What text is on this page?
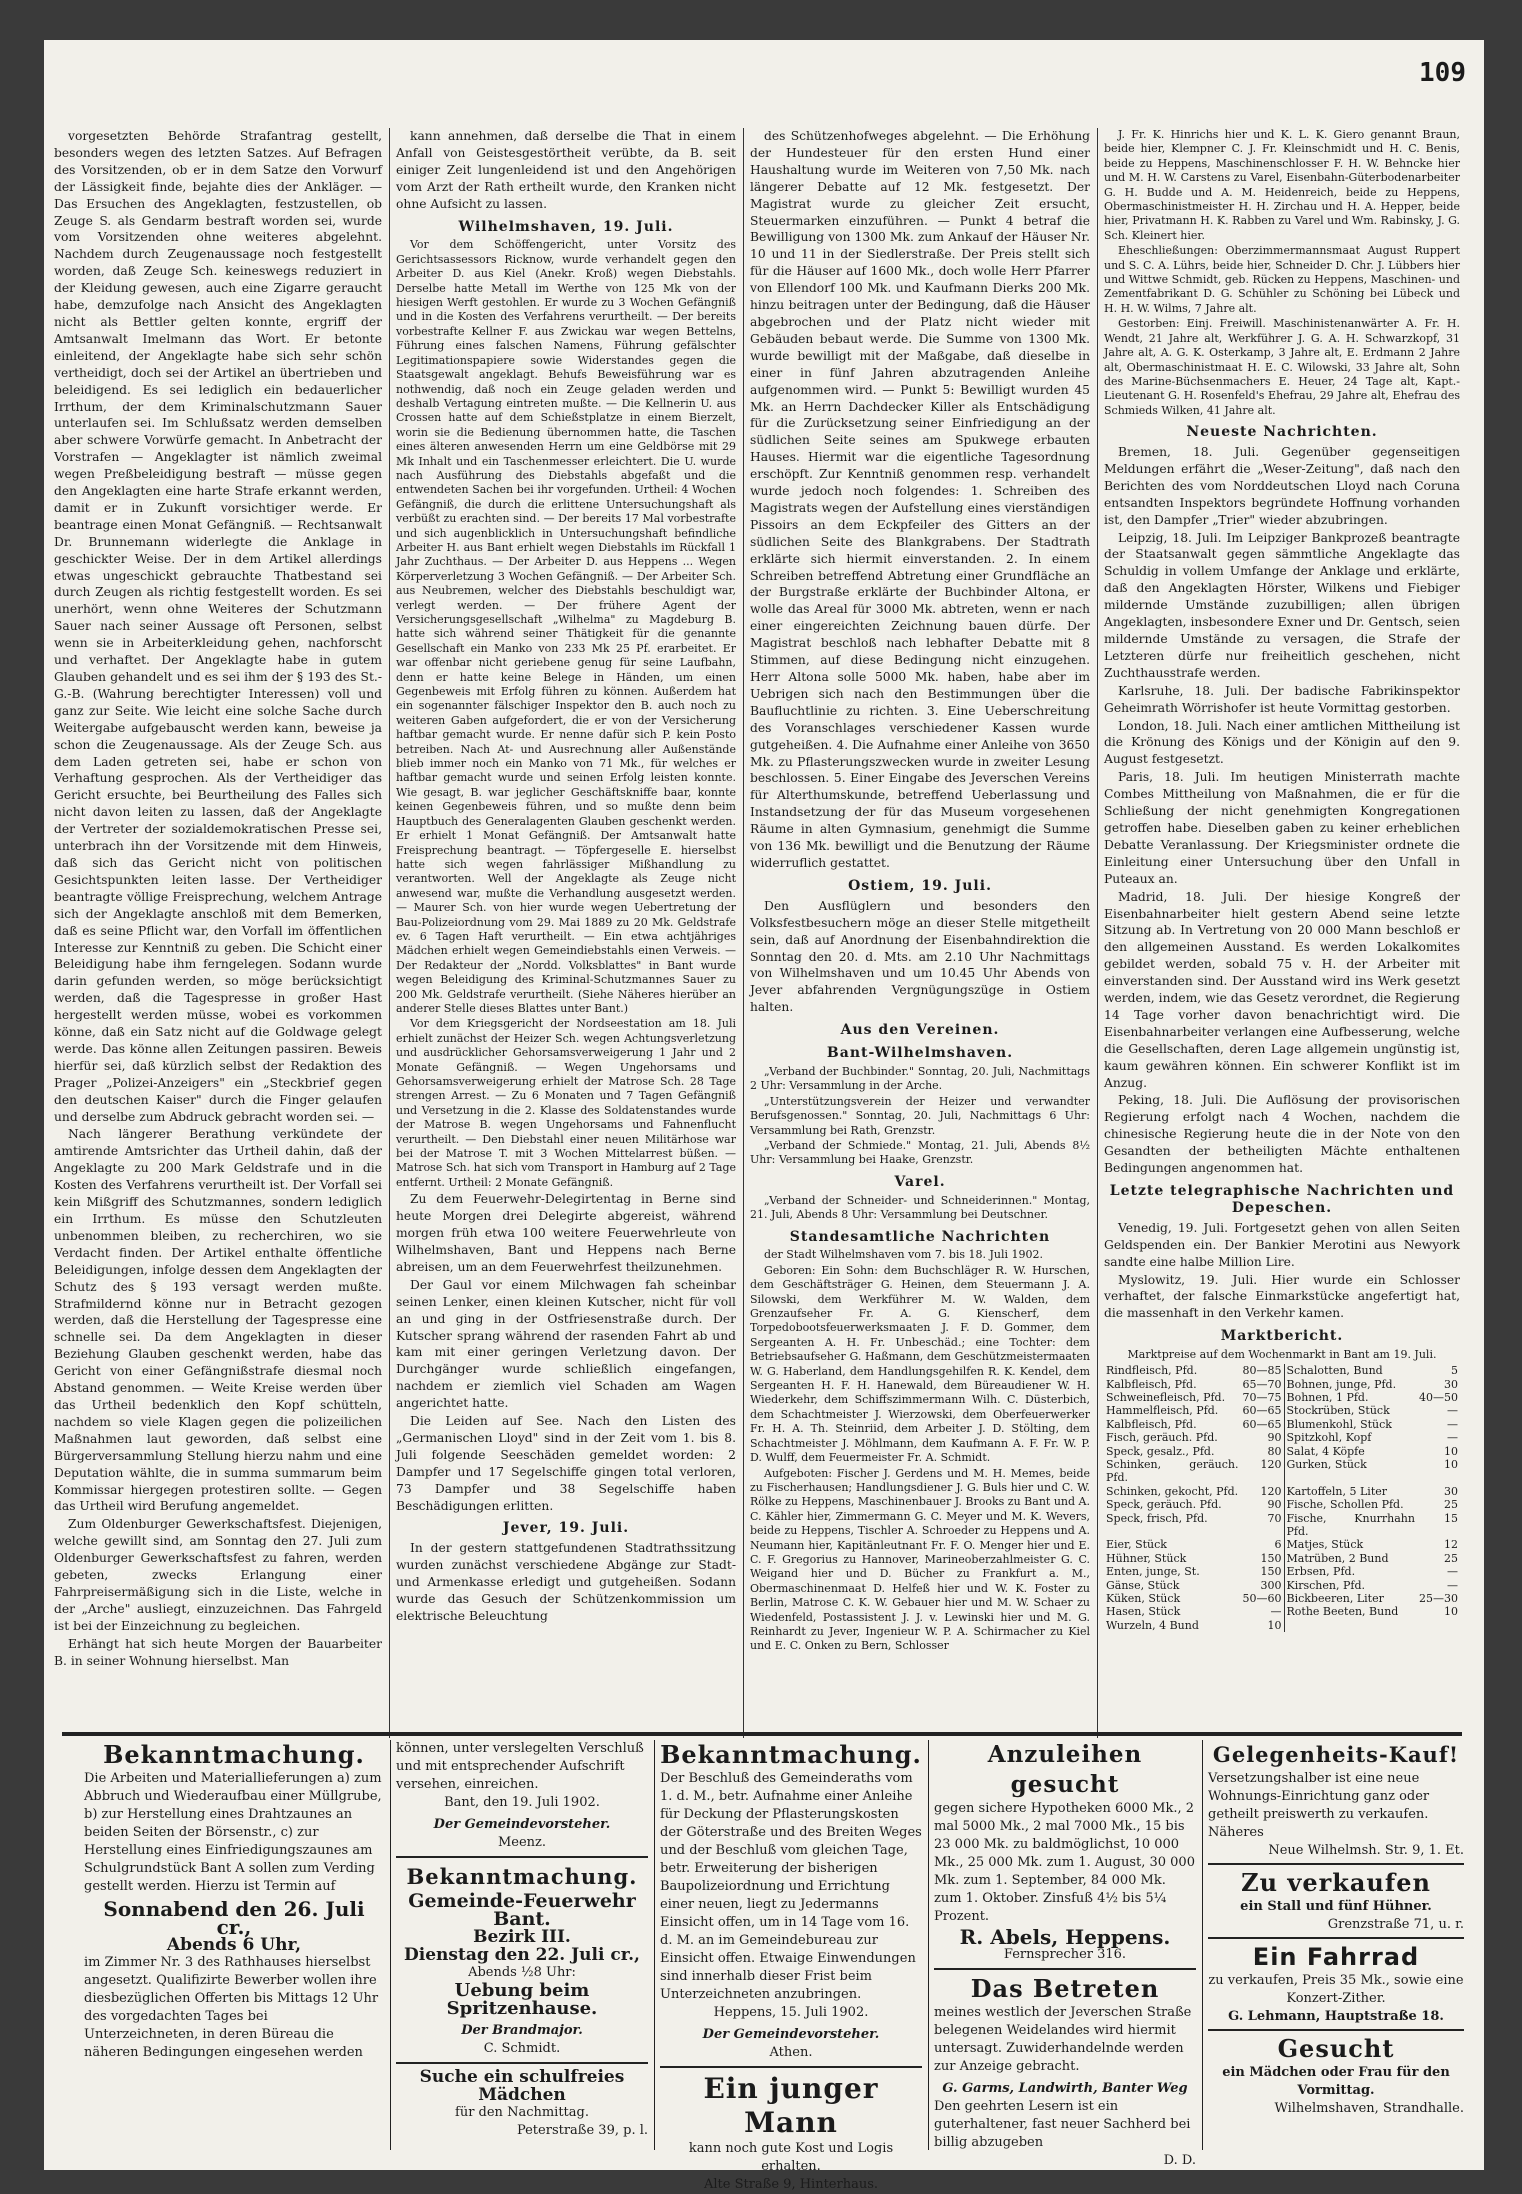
109

vorgesetzten Behörde Strafantrag gestellt, besonders wegen des letzten Satzes. Auf Befragen des Vorsitzenden, ob er in dem Satze den Vorwurf der Lässigkeit finde, bejahte dies der Ankläger. — Das Ersuchen des Angeklagten, festzustellen, ob Zeuge S. als Gendarm bestraft worden sei, wurde vom Vorsitzenden ohne weiteres abgelehnt. Nachdem durch Zeugenaussage noch festgestellt worden, daß Zeuge Sch. keineswegs reduziert in der Kleidung gewesen, auch eine Zigarre geraucht habe, demzufolge nach Ansicht des Angeklagten nicht als Bettler gelten konnte, ergriff der Amtsanwalt Imelmann das Wort. Er betonte einleitend, der Angeklagte habe sich sehr schön vertheidigt, doch sei der Artikel an übertrieben und beleidigend. Es sei lediglich ein bedauerlicher Irrthum, der dem Kriminalschutzmann Sauer unterlaufen sei. Im Schlußsatz werden demselben aber schwere Vorwürfe gemacht. In Anbetracht der Vorstrafen — Angeklagter ist nämlich zweimal wegen Preßbeleidigung bestraft — müsse gegen den Angeklagten eine harte Strafe erkannt werden, damit er in Zukunft vorsichtiger werde. Er beantrage einen Monat Gefängniß. — Rechtsanwalt Dr. Brunnemann widerlegte die Anklage in geschickter Weise. Der in dem Artikel allerdings etwas ungeschickt gebrauchte Thatbestand sei durch Zeugen als richtig festgestellt worden. Es sei unerhört, wenn ohne Weiteres der Schutzmann Sauer nach seiner Aussage oft Personen, selbst wenn sie in Arbeiterkleidung gehen, nachforscht und verhaftet. Der Angeklagte habe in gutem Glauben gehandelt und es sei ihm der § 193 des St.-G.-B. (Wahrung berechtigter Interessen) voll und ganz zur Seite. Wie leicht eine solche Sache durch Weitergabe aufgebauscht werden kann, beweise ja schon die Zeugenaussage. Als der Zeuge Sch. aus dem Laden getreten sei, habe er schon von Verhaftung gesprochen. Als der Vertheidiger das Gericht ersuchte, bei Beurtheilung des Falles sich nicht davon leiten zu lassen, daß der Angeklagte der Vertreter der sozialdemokratischen Presse sei, unterbrach ihn der Vorsitzende mit dem Hinweis, daß sich das Gericht nicht von politischen Gesichtspunkten leiten lasse. Der Vertheidiger beantragte völlige Freisprechung, welchem Antrage sich der Angeklagte anschloß mit dem Bemerken, daß es seine Pflicht war, den Vorfall im öffentlichen Interesse zur Kenntniß zu geben. Die Schicht einer Beleidigung habe ihm ferngelegen. Sodann wurde darin gefunden werden, so möge berücksichtigt werden, daß die Tagespresse in großer Hast hergestellt werden müsse, wobei es vorkommen könne, daß ein Satz nicht auf die Goldwage gelegt werde. Das könne allen Zeitungen passiren. Beweis hierfür sei, daß kürzlich selbst der Redaktion des Prager „Polizei-Anzeigers" ein „Steckbrief gegen den deutschen Kaiser" durch die Finger gelaufen und derselbe zum Abdruck gebracht worden sei. —

Nach längerer Berathung verkündete der amtirende Amtsrichter das Urtheil dahin, daß der Angeklagte zu 200 Mark Geldstrafe und in die Kosten des Verfahrens verurtheilt ist. Der Vorfall sei kein Mißgriff des Schutzmannes, sondern lediglich ein Irrthum. Es müsse den Schutzleuten unbenommen bleiben, zu recherchiren, wo sie Verdacht finden. Der Artikel enthalte öffentliche Beleidigungen, infolge dessen dem Angeklagten der Schutz des § 193 versagt werden mußte. Strafmildernd könne nur in Betracht gezogen werden, daß die Herstellung der Tagespresse eine schnelle sei. Da dem Angeklagten in dieser Beziehung Glauben geschenkt werden, habe das Gericht von einer Gefängnißstrafe diesmal noch Abstand genommen. — Weite Kreise werden über das Urtheil bedenklich den Kopf schütteln, nachdem so viele Klagen gegen die polizeilichen Maßnahmen laut geworden, daß selbst eine Bürgerversammlung Stellung hierzu nahm und eine Deputation wählte, die in summa summarum beim Kommissar hiergegen protestiren sollte. — Gegen das Urtheil wird Berufung angemeldet.

Zum Oldenburger Gewerkschaftsfest. Diejenigen, welche gewillt sind, am Sonntag den 27. Juli zum Oldenburger Gewerkschaftsfest zu fahren, werden gebeten, zwecks Erlangung einer Fahrpreisermäßigung sich in die Liste, welche in der „Arche" ausliegt, einzuzeichnen. Das Fahrgeld ist bei der Einzeichnung zu begleichen.

Erhängt hat sich heute Morgen der Bauarbeiter B. in seiner Wohnung hierselbst. Man

kann annehmen, daß derselbe die That in einem Anfall von Geistesgestörtheit verübte, da B. seit einiger Zeit lungenleidend ist und den Angehörigen vom Arzt der Rath ertheilt wurde, den Kranken nicht ohne Aufsicht zu lassen.

Wilhelmshaven, 19. Juli.

Vor dem Schöffengericht, unter Vorsitz des Gerichtsassessors Ricknow, wurde verhandelt gegen den Arbeiter D. aus Kiel (Anekr. Kroß) wegen Diebstahls. Derselbe hatte Metall im Werthe von 125 Mk von der hiesigen Werft gestohlen. Er wurde zu 3 Wochen Gefängniß und in die Kosten des Verfahrens verurtheilt. — Der bereits vorbestrafte Kellner F. aus Zwickau war wegen Bettelns, Führung eines falschen Namens, Führung gefälschter Legitimationspapiere sowie Widerstandes gegen die Staatsgewalt angeklagt. Behufs Beweisführung war es nothwendig, daß noch ein Zeuge geladen werden und deshalb Vertagung eintreten mußte. — Die Kellnerin U. aus Crossen hatte auf dem Schießstplatze in einem Bierzelt, worin sie die Bedienung übernommen hatte, die Taschen eines älteren anwesenden Herrn um eine Geldbörse mit 29 Mk Inhalt und ein Taschenmesser erleichtert. Die U. wurde nach Ausführung des Diebstahls abgefaßt und die entwendeten Sachen bei ihr vorgefunden. Urtheil: 4 Wochen Gefängniß, die durch die erlittene Untersuchungshaft als verbüßt zu erachten sind. — Der bereits 17 Mal vorbestrafte und sich augenblicklich in Untersuchungshaft befindliche Arbeiter H. aus Bant erhielt wegen Diebstahls im Rückfall 1 Jahr Zuchthaus. — Der Arbeiter D. aus Heppens ... Wegen Körperverletzung 3 Wochen Gefängniß. — Der Arbeiter Sch. aus Neubremen, welcher des Diebstahls beschuldigt war, verlegt werden. — Der frühere Agent der Versicherungsgesellschaft „Wilhelma" zu Magdeburg B. hatte sich während seiner Thätigkeit für die genannte Gesellschaft ein Manko von 233 Mk 25 Pf. erarbeitet. Er war offenbar nicht geriebene genug für seine Laufbahn, denn er hatte keine Belege in Händen, um einen Gegenbeweis mit Erfolg führen zu können. Außerdem hat ein sogenannter fälschiger Inspektor den B. auch noch zu weiteren Gaben aufgefordert, die er von der Versicherung haftbar gemacht wurde. Er nenne dafür sich P. kein Posto betreiben. Nach At- und Ausrechnung aller Außenstände blieb immer noch ein Manko von 71 Mk., für welches er haftbar gemacht wurde und seinen Erfolg leisten konnte. Wie gesagt, B. war jeglicher Geschäftskniffe baar, konnte keinen Gegenbeweis führen, und so mußte denn beim Hauptbuch des Generalagenten Glauben geschenkt werden. Er erhielt 1 Monat Gefängniß. Der Amtsanwalt hatte Freisprechung beantragt. — Töpfergeselle E. hierselbst hatte sich wegen fahrlässiger Mißhandlung zu verantworten. Well der Angeklagte als Zeuge nicht anwesend war, mußte die Verhandlung ausgesetzt werden. — Maurer Sch. von hier wurde wegen Uebertretung der Bau-Polizeiordnung vom 29. Mai 1889 zu 20 Mk. Geldstrafe ev. 6 Tagen Haft verurtheilt. — Ein etwa achtjähriges Mädchen erhielt wegen Gemeindiebstahls einen Verweis. — Der Redakteur der „Nordd. Volksblattes" in Bant wurde wegen Beleidigung des Kriminal-Schutzmannes Sauer zu 200 Mk. Geldstrafe verurtheilt. (Siehe Näheres hierüber an anderer Stelle dieses Blattes unter Bant.)

Vor dem Kriegsgericht der Nordseestation am 18. Juli erhielt zunächst der Heizer Sch. wegen Achtungsverletzung und ausdrücklicher Gehorsamsverweigerung 1 Jahr und 2 Monate Gefängniß. — Wegen Ungehorsams und Gehorsamsverweigerung erhielt der Matrose Sch. 28 Tage strengen Arrest. — Zu 6 Monaten und 7 Tagen Gefängniß und Versetzung in die 2. Klasse des Soldatenstandes wurde der Matrose B. wegen Ungehorsams und Fahnenflucht verurtheilt. — Den Diebstahl einer neuen Militärhose war bei der Matrose T. mit 3 Wochen Mittelarrest büßen. — Matrose Sch. hat sich vom Transport in Hamburg auf 2 Tage entfernt. Urtheil: 2 Monate Gefängniß.

Zu dem Feuerwehr-Delegirtentag in Berne sind heute Morgen drei Delegirte abgereist, während morgen früh etwa 100 weitere Feuerwehrleute von Wilhelmshaven, Bant und Heppens nach Berne abreisen, um an dem Feuerwehrfest theilzunehmen.

Der Gaul vor einem Milchwagen fah scheinbar seinen Lenker, einen kleinen Kutscher, nicht für voll an und ging in der Ostfriesenstraße durch. Der Kutscher sprang während der rasenden Fahrt ab und kam mit einer geringen Verletzung davon. Der Durchgänger wurde schließlich eingefangen, nachdem er ziemlich viel Schaden am Wagen angerichtet hatte.

Die Leiden auf See. Nach den Listen des „Germanischen Lloyd" sind in der Zeit vom 1. bis 8. Juli folgende Seeschäden gemeldet worden: 2 Dampfer und 17 Segelschiffe gingen total verloren, 73 Dampfer und 38 Segelschiffe haben Beschädigungen erlitten.

Jever, 19. Juli.

In der gestern stattgefundenen Stadtrathssitzung wurden zunächst verschiedene Abgänge zur Stadt- und Armenkasse erledigt und gutgeheißen. Sodann wurde das Gesuch der Schützenkommission um elektrische Beleuchtung

des Schützenhofweges abgelehnt. — Die Erhöhung der Hundesteuer für den ersten Hund einer Haushaltung wurde im Weiteren von 7,50 Mk. nach längerer Debatte auf 12 Mk. festgesetzt. Der Magistrat wurde zu gleicher Zeit ersucht, Steuermarken einzuführen. — Punkt 4 betraf die Bewilligung von 1300 Mk. zum Ankauf der Häuser Nr. 10 und 11 in der Siedlerstraße. Der Preis stellt sich für die Häuser auf 1600 Mk., doch wolle Herr Pfarrer von Ellendorf 100 Mk. und Kaufmann Dierks 200 Mk. hinzu beitragen unter der Bedingung, daß die Häuser abgebrochen und der Platz nicht wieder mit Gebäuden bebaut werde. Die Summe von 1300 Mk. wurde bewilligt mit der Maßgabe, daß dieselbe in einer in fünf Jahren abzutragenden Anleihe aufgenommen wird. — Punkt 5: Bewilligt wurden 45 Mk. an Herrn Dachdecker Killer als Entschädigung für die Zurücksetzung seiner Einfriedigung an der südlichen Seite seines am Spukwege erbauten Hauses. Hiermit war die eigentliche Tagesordnung erschöpft. Zur Kenntniß genommen resp. verhandelt wurde jedoch noch folgendes: 1. Schreiben des Magistrats wegen der Aufstellung eines vierständigen Pissoirs an dem Eckpfeiler des Gitters an der südlichen Seite des Blankgrabens. Der Stadtrath erklärte sich hiermit einverstanden. 2. In einem Schreiben betreffend Abtretung einer Grundfläche an der Burgstraße erklärte der Buchbinder Altona, er wolle das Areal für 3000 Mk. abtreten, wenn er nach einer eingereichten Zeichnung bauen dürfe. Der Magistrat beschloß nach lebhafter Debatte mit 8 Stimmen, auf diese Bedingung nicht einzugehen. Herr Altona solle 5000 Mk. haben, habe aber im Uebrigen sich nach den Bestimmungen über die Baufluchtlinie zu richten. 3. Eine Ueberschreitung des Voranschlages verschiedener Kassen wurde gutgeheißen. 4. Die Aufnahme einer Anleihe von 3650 Mk. zu Pflasterungszwecken wurde in zweiter Lesung beschlossen. 5. Einer Eingabe des Jeverschen Vereins für Alterthumskunde, betreffend Ueberlassung und Instandsetzung der für das Museum vorgesehenen Räume in alten Gymnasium, genehmigt die Summe von 136 Mk. bewilligt und die Benutzung der Räume widerruflich gestattet.

Ostiem, 19. Juli.

Den Ausflüglern und besonders den Volksfestbesuchern möge an dieser Stelle mitgetheilt sein, daß auf Anordnung der Eisenbahndirektion die Sonntag den 20. d. Mts. am 2.10 Uhr Nachmittags von Wilhelmshaven und um 10.45 Uhr Abends von Jever abfahrenden Vergnügungszüge in Ostiem halten.

Aus den Vereinen.

Bant-Wilhelmshaven.

„Verband der Buchbinder." Sonntag, 20. Juli, Nachmittags 2 Uhr: Versammlung in der Arche.

„Unterstützungsverein der Heizer und verwandter Berufsgenossen." Sonntag, 20. Juli, Nachmittags 6 Uhr: Versammlung bei Rath, Grenzstr.

„Verband der Schmiede." Montag, 21. Juli, Abends 8½ Uhr: Versammlung bei Haake, Grenzstr.

Varel.

„Verband der Schneider- und Schneiderinnen." Montag, 21. Juli, Abends 8 Uhr: Versammlung bei Deutschner.

Standesamtliche Nachrichten

der Stadt Wilhelmshaven vom 7. bis 18. Juli 1902.

Geboren: Ein Sohn: dem Buchschläger R. W. Hurschen, dem Geschäftsträger G. Heinen, dem Steuermann J. A. Silowski, dem Werkführer M. W. Walden, dem Grenzaufseher Fr. A. G. Kienscherf, dem Torpedobootsfeuerwerksmaaten J. F. D. Gommer, dem Sergeanten A. H. Fr. Unbeschäd.; eine Tochter: dem Betriebsaufseher G. Haßmann, dem Geschützmeistermaaten W. G. Haberland, dem Handlungsgehilfen R. K. Kendel, dem Sergeanten H. F. H. Hanewald, dem Büreaudiener W. H. Wiederkehr, dem Schiffszimmermann Wilh. C. Düsterbich, dem Schachtmeister J. Wierzowski, dem Oberfeuerwerker Fr. H. A. Th. Steinriid, dem Arbeiter J. D. Stölting, dem Schachtmeister J. Möhlmann, dem Kaufmann A. F. Fr. W. P. D. Wulff, dem Feuermeister Fr. A. Schmidt.

Aufgeboten: Fischer J. Gerdens und M. H. Memes, beide zu Fischerhausen; Handlungsdiener J. G. Buls hier und C. W. Rölke zu Heppens, Maschinenbauer J. Brooks zu Bant und A. C. Kähler hier, Zimmermann G. C. Meyer und M. K. Wevers, beide zu Heppens, Tischler A. Schroeder zu Heppens und A. Neumann hier, Kapitänleutnant Fr. F. O. Menger hier und E. C. F. Gregorius zu Hannover, Marineoberzahlmeister G. C. Weigand hier und D. Bücher zu Frankfurt a. M., Obermaschinenmaat D. Helfeß hier und W. K. Foster zu Berlin, Matrose C. K. W. Gebauer hier und M. W. Schaer zu Wiedenfeld, Postassistent J. J. v. Lewinski hier und M. G. Reinhardt zu Jever, Ingenieur W. P. A. Schirmacher zu Kiel und E. C. Onken zu Bern, Schlosser

J. Fr. K. Hinrichs hier und K. L. K. Giero genannt Braun, beide hier, Klempner C. J. Fr. Kleinschmidt und H. C. Benis, beide zu Heppens, Maschinenschlosser F. H. W. Behncke hier und M. H. W. Carstens zu Varel, Eisenbahn-Güterbodenarbeiter G. H. Budde und A. M. Heidenreich, beide zu Heppens, Obermaschinistmeister H. H. Zirchau und H. A. Hepper, beide hier, Privatmann H. K. Rabben zu Varel und Wm. Rabinsky, J. G. Sch. Kleinert hier.

Eheschließungen: Oberzimmermannsmaat August Ruppert und S. C. A. Lührs, beide hier, Schneider D. Chr. J. Lübbers hier und Wittwe Schmidt, geb. Rücken zu Heppens, Maschinen- und Zementfabrikant D. G. Schühler zu Schöning bei Lübeck und H. H. W. Wilms, 7 Jahre alt.

Gestorben: Einj. Freiwill. Maschinistenanwärter A. Fr. H. Wendt, 21 Jahre alt, Werkführer J. G. A. H. Schwarzkopf, 31 Jahre alt, A. G. K. Osterkamp, 3 Jahre alt, E. Erdmann 2 Jahre alt, Obermaschinistmaat H. E. C. Wilowski, 33 Jahre alt, Sohn des Marine-Büchsenmachers E. Heuer, 24 Tage alt, Kapt.-Lieutenant G. H. Rosenfeld's Ehefrau, 29 Jahre alt, Ehefrau des Schmieds Wilken, 41 Jahre alt.

Neueste Nachrichten.

Bremen, 18. Juli. Gegenüber gegenseitigen Meldungen erfährt die „Weser-Zeitung", daß nach den Berichten des vom Norddeutschen Lloyd nach Coruna entsandten Inspektors begründete Hoffnung vorhanden ist, den Dampfer „Trier" wieder abzubringen.

Leipzig, 18. Juli. Im Leipziger Bankprozeß beantragte der Staatsanwalt gegen sämmtliche Angeklagte das Schuldig in vollem Umfange der Anklage und erklärte, daß den Angeklagten Hörster, Wilkens und Fiebiger mildernde Umstände zuzubilligen; allen übrigen Angeklagten, insbesondere Exner und Dr. Gentsch, seien mildernde Umstände zu versagen, die Strafe der Letzteren dürfe nur freiheitlich geschehen, nicht Zuchthausstrafe werden.

Karlsruhe, 18. Juli. Der badische Fabrikinspektor Geheimrath Wörrishofer ist heute Vormittag gestorben.

London, 18. Juli. Nach einer amtlichen Mittheilung ist die Krönung des Königs und der Königin auf den 9. August festgesetzt.

Paris, 18. Juli. Im heutigen Ministerrath machte Combes Mittheilung von Maßnahmen, die er für die Schließung der nicht genehmigten Kongregationen getroffen habe. Dieselben gaben zu keiner erheblichen Debatte Veranlassung. Der Kriegsminister ordnete die Einleitung einer Untersuchung über den Unfall in Puteaux an.

Madrid, 18. Juli. Der hiesige Kongreß der Eisenbahnarbeiter hielt gestern Abend seine letzte Sitzung ab. In Vertretung von 20 000 Mann beschloß er den allgemeinen Ausstand. Es werden Lokalkomites gebildet werden, sobald 75 v. H. der Arbeiter mit einverstanden sind. Der Ausstand wird ins Werk gesetzt werden, indem, wie das Gesetz verordnet, die Regierung 14 Tage vorher davon benachrichtigt wird. Die Eisenbahnarbeiter verlangen eine Aufbesserung, welche die Gesellschaften, deren Lage allgemein ungünstig ist, kaum gewähren können. Ein schwerer Konflikt ist im Anzug.

Peking, 18. Juli. Die Auflösung der provisorischen Regierung erfolgt nach 4 Wochen, nachdem die chinesische Regierung heute die in der Note von den Gesandten der betheiligten Mächte enthaltenen Bedingungen angenommen hat.

Letzte telegraphische Nachrichten und Depeschen.

Venedig, 19. Juli. Fortgesetzt gehen von allen Seiten Geldspenden ein. Der Bankier Merotini aus Newyork sandte eine halbe Million Lire.

Myslowitz, 19. Juli. Hier wurde ein Schlosser verhaftet, der falsche Einmarkstücke angefertigt hat, die massenhaft in den Verkehr kamen.

Marktbericht.

Marktpreise auf dem Wochenmarkt in Bant am 19. Juli.
Rindfleisch, Pfd.	80—85	Schalotten, Bund	5
Kalbfleisch, Pfd.	65—70	Bohnen, junge, Pfd.	30
Schweinefleisch, Pfd.	70—75	Bohnen, 1 Pfd.	40—50
Hammelfleisch, Pfd.	60—65	Stockrüben, Stück	—
Kalbfleisch, Pfd.	60—65	Blumenkohl, Stück	—
Fisch, geräuch. Pfd.	90	Spitzkohl, Kopf	—
Speck, gesalz., Pfd.	80	Salat, 4 Köpfe	10
Schinken, geräuch. Pfd.	120	Gurken, Stück	10
Schinken, gekocht, Pfd.	120	Kartoffeln, 5 Liter	30
Speck, geräuch. Pfd.	90	Fische, Schollen Pfd.	25
Speck, frisch, Pfd.	70	Fische, Knurrhahn Pfd.	15
Eier, Stück	6	Matjes, Stück	12
Hühner, Stück	150	Matrüben, 2 Bund	25
Enten, junge, St.	150	Erbsen, Pfd.	—
Gänse, Stück	300	Kirschen, Pfd.	—
Küken, Stück	50—60	Bickbeeren, Liter	25—30
Hasen, Stück	—	Rothe Beeten, Bund	10
Wurzeln, 4 Bund	10		
Bekanntmachung.
Die Arbeiten und Materiallieferungen a) zum Abbruch und Wiederaufbau einer Müllgrube, b) zur Herstellung eines Drahtzaunes an beiden Seiten der Börsenstr., c) zur Herstellung eines Einfriedigungszaunes am Schulgrundstück Bant A sollen zum Verding gestellt werden. Hierzu ist Termin auf
Sonnabend den 26. Juli cr.,
Abends 6 Uhr,
im Zimmer Nr. 3 des Rathhauses hierselbst angesetzt. Qualifizirte Bewerber wollen ihre diesbezüglichen Offerten bis Mittags 12 Uhr des vorgedachten Tages bei Unterzeichneten, in deren Büreau die näheren Bedingungen eingesehen werden
können, unter verslegelten Verschluß und mit entsprechender Aufschrift versehen, einreichen.
Bant, den 19. Juli 1902.
Der Gemeindevorsteher.
Meenz.
Bekanntmachung.
Gemeinde-Feuerwehr Bant.
Bezirk III.
Dienstag den 22. Juli cr.,
Abends ½8 Uhr:
Uebung beim Spritzenhause.
Der Brandmajor.
C. Schmidt.
Suche ein schulfreies Mädchen
für den Nachmittag.
Peterstraße 39, p. l.
Bekanntmachung.
Der Beschluß des Gemeinderaths vom 1. d. M., betr. Aufnahme einer Anleihe für Deckung der Pflasterungskosten der Göterstraße und des Breiten Weges und der Beschluß vom gleichen Tage, betr. Erweiterung der bisherigen Baupolizeiordnung und Errichtung einer neuen, liegt zu Jedermanns Einsicht offen, um in 14 Tage vom 16. d. M. an im Gemeindebureau zur Einsicht offen. Etwaige Einwendungen sind innerhalb dieser Frist beim Unterzeichneten anzubringen.
Heppens, 15. Juli 1902.
Der Gemeindevorsteher.
Athen.
Ein junger Mann
kann noch gute Kost und Logis erhalten.
Alte Straße 9, Hinterhaus.
Anzuleihen gesucht
gegen sichere Hypotheken 6000 Mk., 2 mal 5000 Mk., 2 mal 7000 Mk., 15 bis 23 000 Mk. zu baldmöglichst, 10 000 Mk., 25 000 Mk. zum 1. August, 30 000 Mk. zum 1. September, 84 000 Mk. zum 1. Oktober. Zinsfuß 4½ bis 5¼ Prozent.
R. Abels, Heppens.
Fernsprecher 316.
Das Betreten
meines westlich der Jeverschen Straße belegenen Weidelandes wird hiermit untersagt. Zuwiderhandelnde werden zur Anzeige gebracht.
G. Garms, Landwirth, Banter Weg
Den geehrten Lesern ist ein guterhaltener, fast neuer Sachherd bei billig abzugeben
D. D.
Gelegenheits-Kauf!
Versetzungshalber ist eine neue Wohnungs-Einrichtung ganz oder getheilt preiswerth zu verkaufen. Näheres
Neue Wilhelmsh. Str. 9, 1. Et.
Zu verkaufen
ein Stall und fünf Hühner.
Grenzstraße 71, u. r.
Ein Fahrrad
zu verkaufen, Preis 35 Mk., sowie eine Konzert-Zither.
G. Lehmann, Hauptstraße 18.
Gesucht
ein Mädchen oder Frau für den Vormittag.
Wilhelmshaven, Strandhalle.
